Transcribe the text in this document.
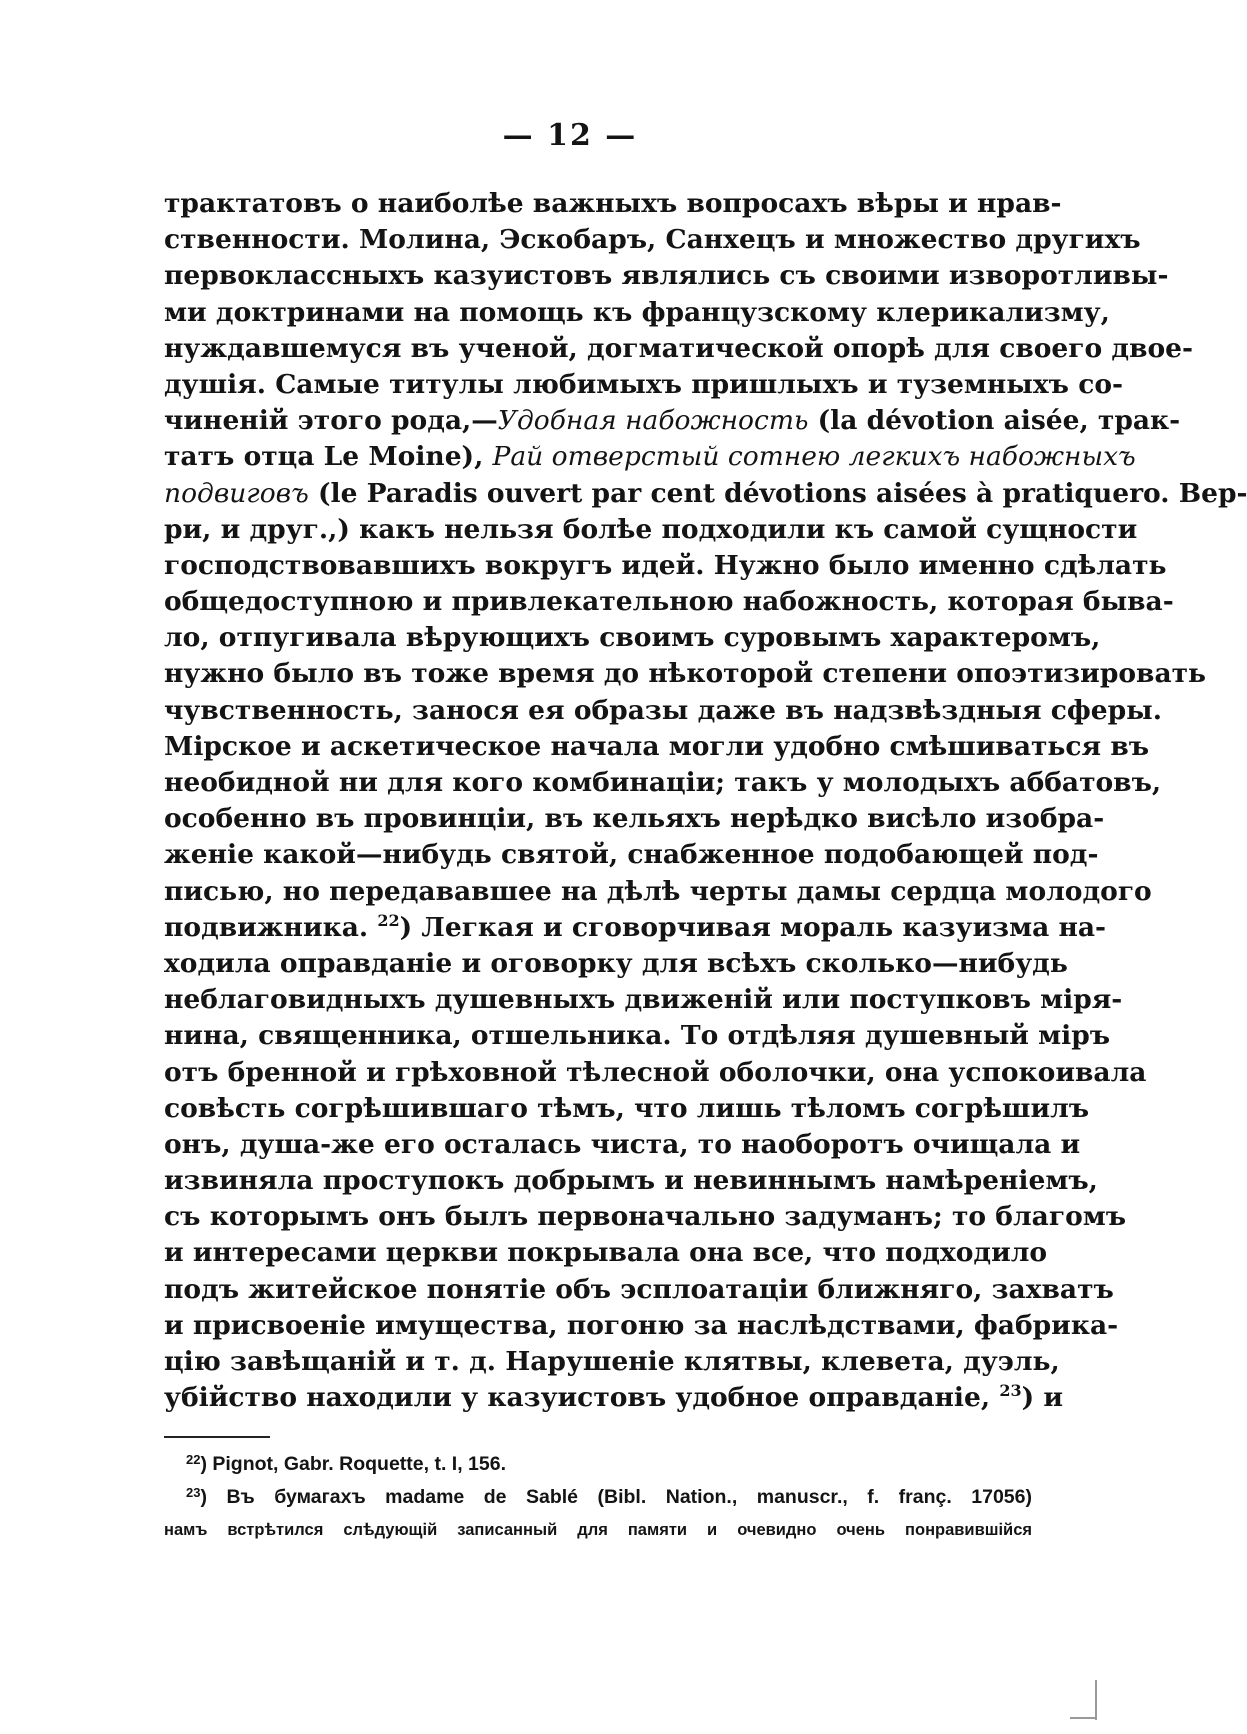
— 12 —
трактатовъ о наиболѣе важныхъ вопросахъ вѣры и нрав-
ственности. Молина, Эскобаръ, Санхецъ и множество другихъ
первоклассныхъ казуистовъ являлись съ своими изворотливы-
ми доктринами на помощь къ французскому клерикализму,
нуждавшемуся въ ученой, догматической опорѣ для своего двое-
душія. Самые титулы любимыхъ пришлыхъ и туземныхъ со-
чиненій этого рода,—Удобная набожность (la dévotion aisée, трак-
татъ отца Le Moine), Рай отверстый сотнею легкихъ набожныхъ
подвиговъ (le Paradis ouvert par cent dévotions aisées à pratiquero. Вер-
ри, и друг.,) какъ нельзя болѣе подходили къ самой сущности
господствовавшихъ вокругъ идей. Нужно было именно сдѣлать
общедоступною и привлекательною набожность, которая быва-
ло, отпугивала вѣрующихъ своимъ суровымъ характеромъ,
нужно было въ тоже время до нѣкоторой степени опоэтизировать
чувственность, занося ея образы даже въ надзвѣздныя сферы.
Мірское и аскетическое начала могли удобно смѣшиваться въ
необидной ни для кого комбинаціи; такъ у молодыхъ аббатовъ,
особенно въ провинціи, въ кельяхъ нерѣдко висѣло изобра-
женіе какой—нибудь святой, снабженное подобающей под-
писью, но передававшее на дѣлѣ черты дамы сердца молодого
подвижника. $^{22}$) Легкая и сговорчивая мораль казуизма на-
ходила оправданіе и оговорку для всѣхъ сколько—нибудь
неблаговидныхъ душевныхъ движеній или поступковъ міря-
нина, священника, отшельника. То отдѣляя душевный міръ
отъ бренной и грѣховной тѣлесной оболочки, она успокоивала
совѣсть согрѣшившаго тѣмъ, что лишь тѣломъ согрѣшилъ
онъ, душа-же его осталась чиста, то наоборотъ очищала и
извиняла проступокъ добрымъ и невиннымъ намѣреніемъ,
съ которымъ онъ былъ первоначально задуманъ; то благомъ
и интересами церкви покрывала она все, что подходило
подъ житейское понятіе объ эсплоатаціи ближняго, захватъ
и присвоеніе имущества, погоню за наслѣдствами, фабрика-
цію завѣщаній и т. д. Нарушеніе клятвы, клевета, дуэль,
убійство находили у казуистовъ удобное оправданіе, $^{23}$) и
$^{22}$) Pignot, Gabr. Roquette, t. I, 156.
$^{23}$) Въ бумагахъ madame de Sablé (Bibl. Nation., manuscr., f. franç. 17056)
намъ встрѣтился слѣдующій записанный для памяти и очевидно очень понравившійся
